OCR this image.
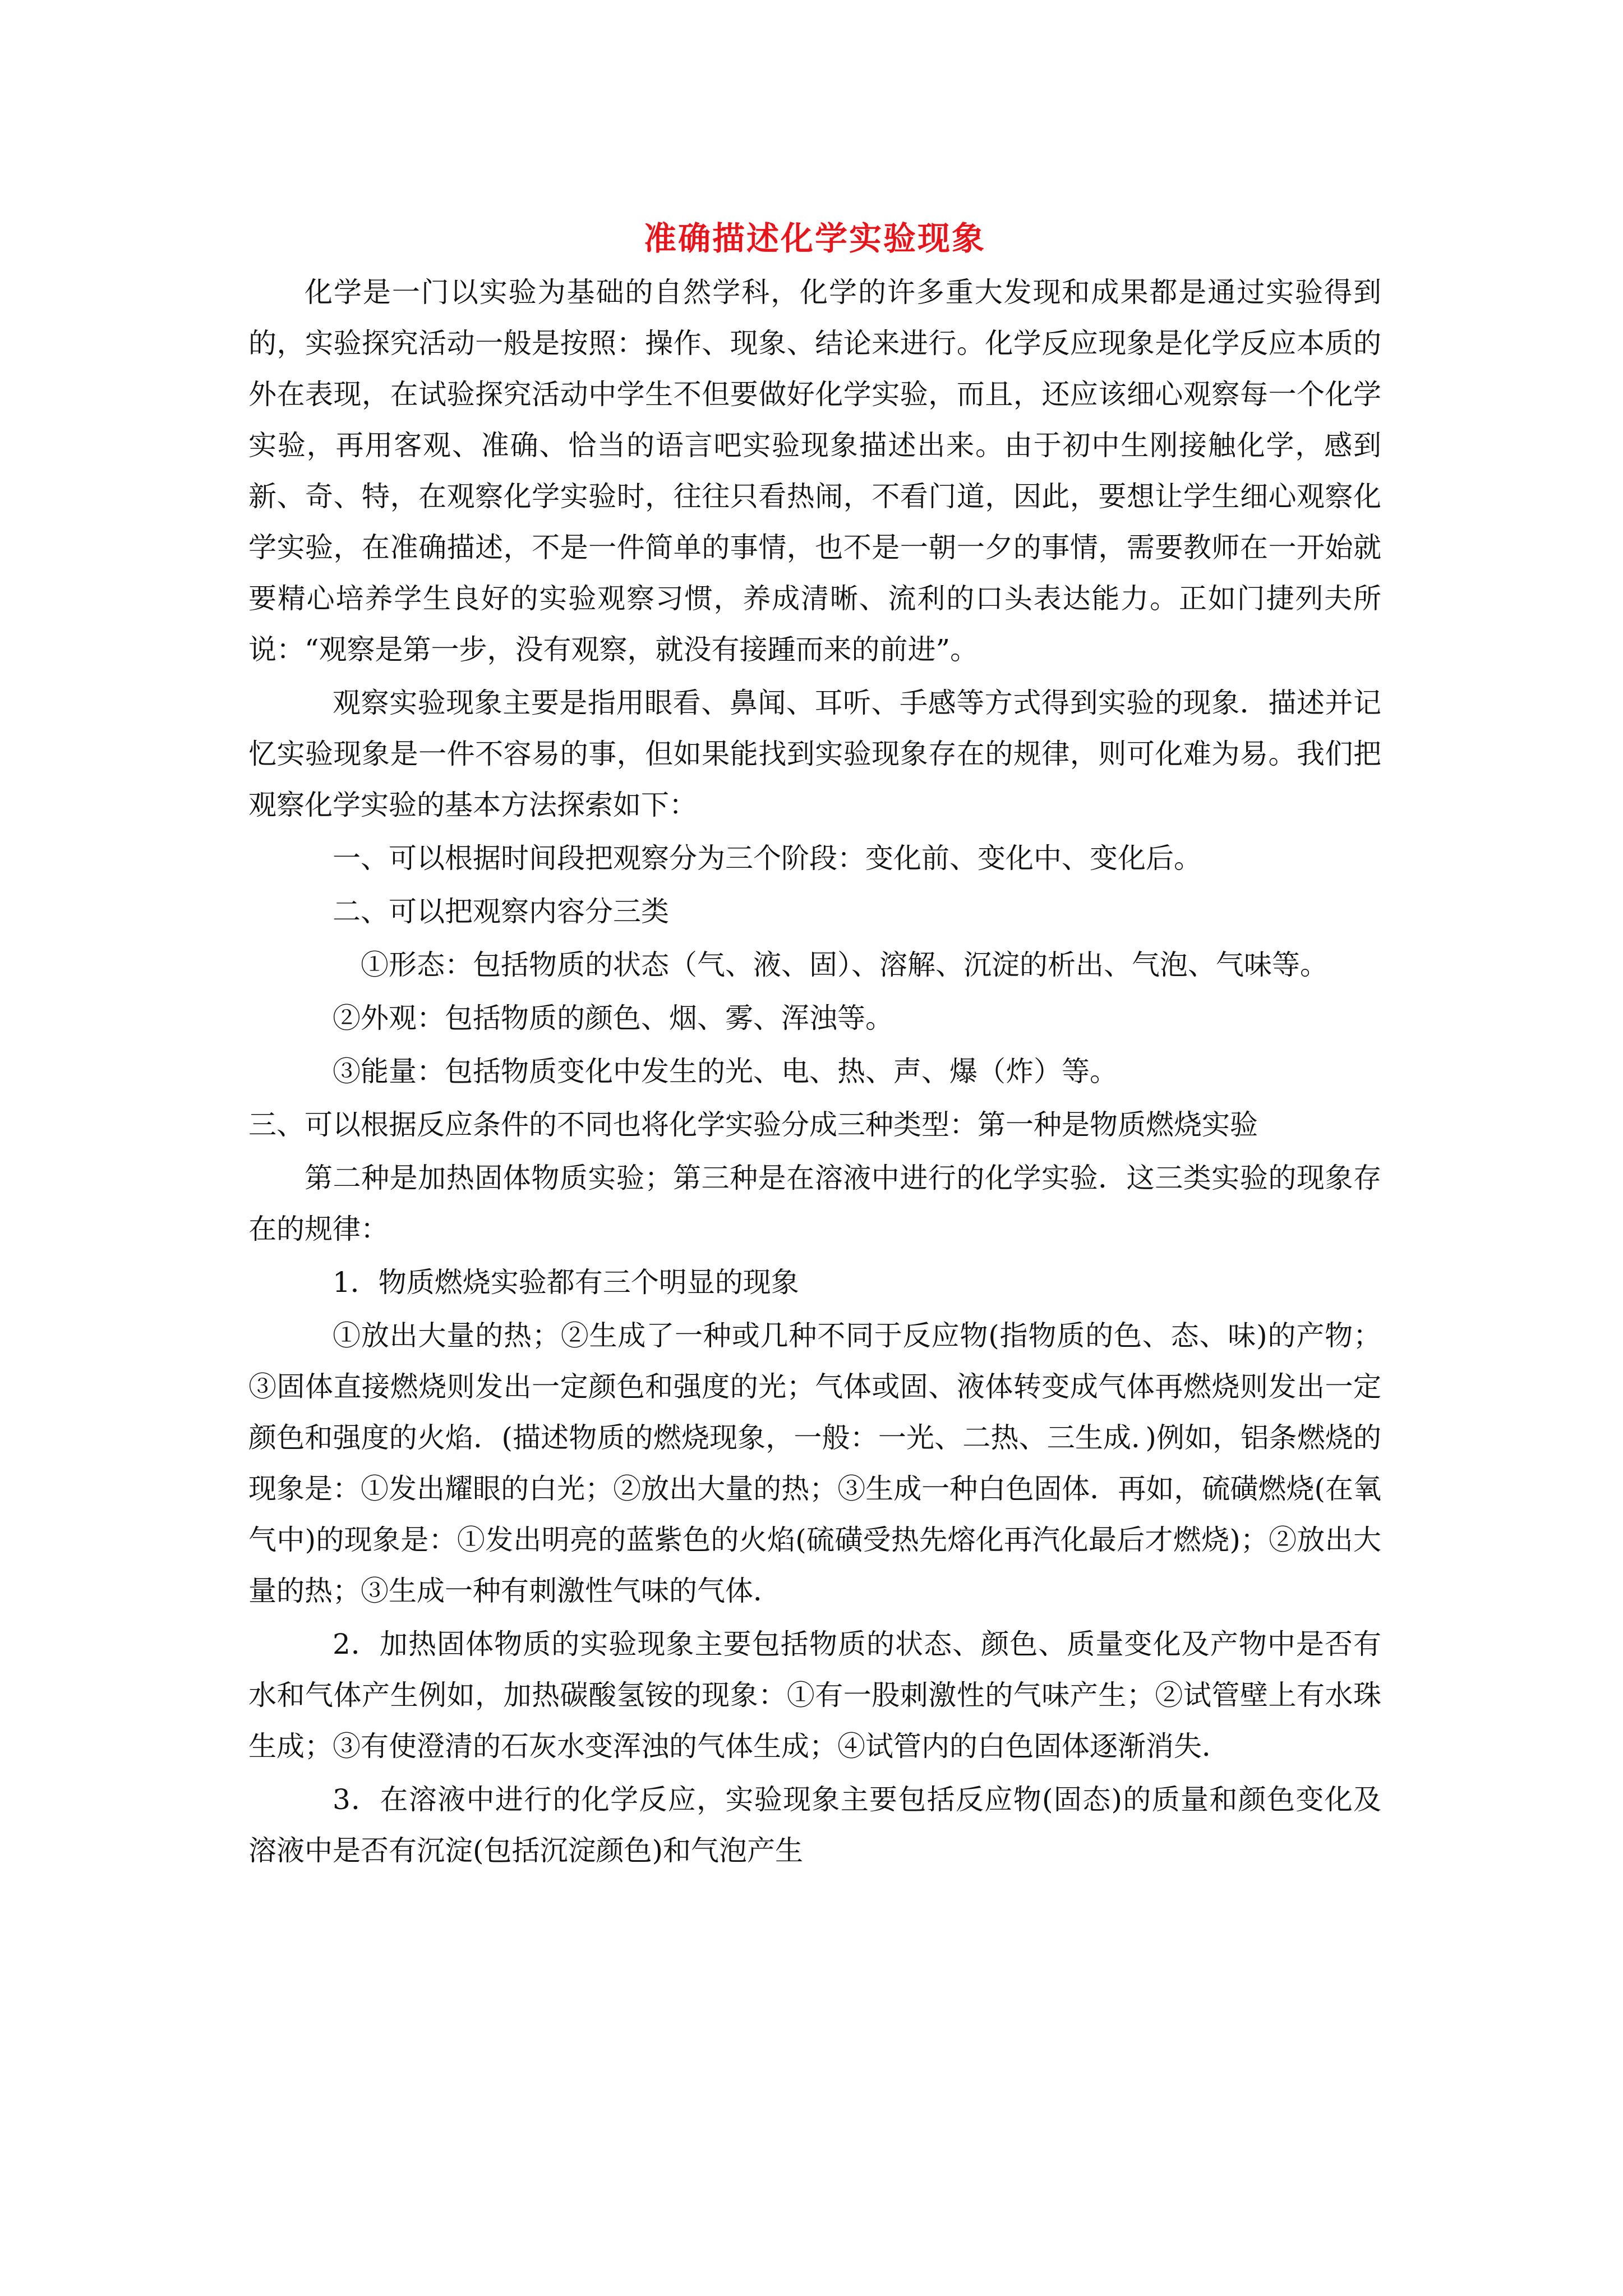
准确描述化学实验现象

化学是一门以实验为基础的自然学科，化学的许多重大发现和成果都是通过实验得到的，实验探究活动一般是按照：操作、现象、结论来进行。化学反应现象是化学反应本质的外在表现，在试验探究活动中学生不但要做好化学实验，而且，还应该细心观察每一个化学实验，再用客观、准确、恰当的语言吧实验现象描述出来。由于初中生刚接触化学，感到新、奇、特，在观察化学实验时，往往只看热闹，不看门道，因此，要想让学生细心观察化学实验，在准确描述，不是一件简单的事情，也不是一朝一夕的事情，需要教师在一开始就要精心培养学生良好的实验观察习惯，养成清晰、流利的口头表达能力。正如门捷列夫所说：“观察是第一步，没有观察，就没有接踵而来的前进”。

观察实验现象主要是指用眼看、鼻闻、耳听、手感等方式得到实验的现象．描述并记忆实验现象是一件不容易的事，但如果能找到实验现象存在的规律，则可化难为易。我们把观察化学实验的基本方法探索如下：

一、可以根据时间段把观察分为三个阶段：变化前、变化中、变化后。

二、可以把观察内容分三类

①形态：包括物质的状态（气、液、固）、溶解、沉淀的析出、气泡、气味等。

②外观：包括物质的颜色、烟、雾、浑浊等。

③能量：包括物质变化中发生的光、电、热、声、爆（炸）等。

三、可以根据反应条件的不同也将化学实验分成三种类型：第一种是物质燃烧实验

第二种是加热固体物质实验；第三种是在溶液中进行的化学实验．这三类实验的现象存在的规律：

1．物质燃烧实验都有三个明显的现象

①放出大量的热；②生成了一种或几种不同于反应物(指物质的色、态、味)的产物；③固体直接燃烧则发出一定颜色和强度的光；气体或固、液体转变成气体再燃烧则发出一定颜色和强度的火焰．(描述物质的燃烧现象，一般：一光、二热、三生成．)例如，铝条燃烧的现象是：①发出耀眼的白光；②放出大量的热；③生成一种白色固体．再如，硫磺燃烧(在氧气中)的现象是：①发出明亮的蓝紫色的火焰(硫磺受热先熔化再汽化最后才燃烧)；②放出大量的热；③生成一种有刺激性气味的气体．

2．加热固体物质的实验现象主要包括物质的状态、颜色、质量变化及产物中是否有水和气体产生例如，加热碳酸氢铵的现象：①有一股刺激性的气味产生；②试管壁上有水珠生成；③有使澄清的石灰水变浑浊的气体生成；④试管内的白色固体逐渐消失．

3．在溶液中进行的化学反应，实验现象主要包括反应物(固态)的质量和颜色变化及溶液中是否有沉淀(包括沉淀颜色)和气泡产生
